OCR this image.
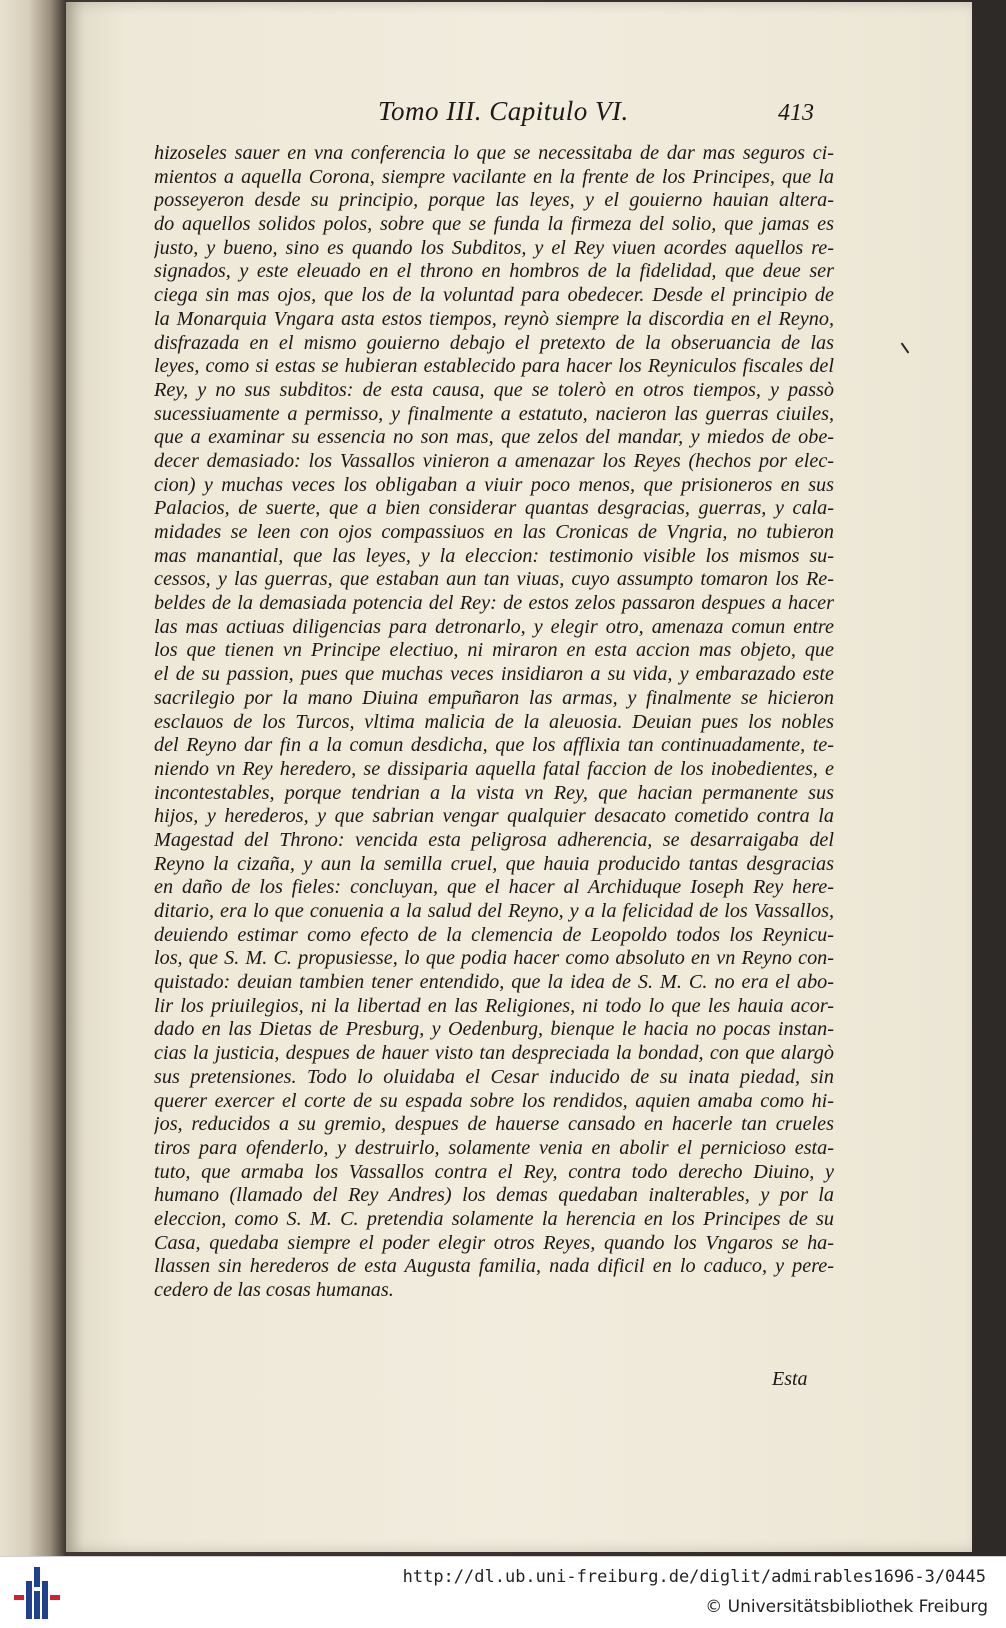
Tomo III. Capitulo VI.	413
hizoseles sauer en vna conferencia lo que se necessitaba de dar mas seguros ci-
mientos a aquella Corona, siempre vacilante en la frente de los Principes, que la
posseyeron desde su principio, porque las leyes, y el gouierno hauian alterа-
do aquellos solidos polos, sobre que se funda la firmeza del solio, que jamas es
justo, y bueno, sino es quando los Subditos, y el Rey viuen acordes aquellos re-
signados, y este eleuado en el throno en hombros de la fidelidad, que deue ser
ciega sin mas ojos, que los de la voluntad para obedecer. Desde el principio de
la Monarquia Vngara asta estos tiempos, reynò siempre la discordia en el Reyno,
disfrazada en el mismo gouierno debajo el pretexto de la obseruancia de las
leyes, como si estas se hubieran establecido para hacer los Reyniculos fiscales del
Rey, y no sus subditos: de esta causa, que se tolerò en otros tiempos, y passò
sucessiuamente a permisso, y finalmente a estatuto, nacieron las guerras ciuiles,
que a examinar su essencia no son mas, que zelos del mandar, y miedos de obe-
decer demasiado: los Vassallos vinieron a amenazar los Reyes (hechos por elec-
cion) y muchas veces los obligaban a viuir poco menos, que prisioneros en sus
Palacios, de suerte, que a bien considerar quantas desgracias, guerras, y cala-
midades se leen con ojos compassiuos en las Cronicas de Vngria, no tubieron
mas manantial, que las leyes, y la eleccion: testimonio visible los mismos su-
cessos, y las guerras, que estaban aun tan viuas, cuyo assumpto tomaron los Re-
beldes de la demasiada potencia del Rey: de estos zelos passaron despues a hacer
las mas actiuas diligencias para detronarlo, y elegir otro, amenaza comun entre
los que tienen vn Principe electiuo, ni miraron en esta accion mas objeto, que
el de su passion, pues que muchas veces insidiaron a su vida, y embarazado este
sacrilegio por la mano Diuina empuñaron las armas, y finalmente se hicieron
esclauos de los Turcos, vltima malicia de la aleuosia. Deuian pues los nobles
del Reyno dar fin a la comun desdicha, que los afflixia tan continuadamente, te-
niendo vn Rey heredero, se dissiparia aquella fatal faccion de los inobedientes, e
incontestables, porque tendrian a la vista vn Rey, que hacian permanente sus
hijos, y herederos, y que sabrian vengar qualquier desacato cometido contra la
Magestad del Throno: vencida esta peligrosa adherencia, se desarraigaba del
Reyno la cizaña, y aun la semilla cruel, que hauia producido tantas desgracias
en daño de los fieles: concluyan, que el hacer al Archiduque Ioseph Rey here-
ditario, era lo que conuenia a la salud del Reyno, y a la felicidad de los Vassallos,
deuiendo estimar como efecto de la clemencia de Leopoldo todos los Reynicu-
los, que S. M. C. propusiesse, lo que podia hacer como absoluto en vn Reyno con-
quistado: deuian tambien tener entendido, que la idea de S. M. C. no era el abo-
lir los priuilegios, ni la libertad en las Religiones, ni todo lo que les hauia acor-
dado en las Dietas de Presburg, y Oedenburg, bienque le hacia no pocas instan-
cias la justicia, despues de hauer visto tan despreciada la bondad, con que alargò
sus pretensiones. Todo lo oluidaba el Cesar inducido de su inata piedad, sin
querer exercer el corte de su espada sobre los rendidos, aquien amaba como hi-
jos, reducidos a su gremio, despues de hauerse cansado en hacerle tan crueles
tiros para ofenderlo, y destruirlo, solamente venia en abolir el pernicioso esta-
tuto, que armaba los Vassallos contra el Rey, contra todo derecho Diuino, y
humano (llamado del Rey Andres) los demas quedaban inalterables, y por la
eleccion, como S. M. C. pretendia solamente la herencia en los Principes de su
Casa, quedaba siempre el poder elegir otros Reyes, quando los Vngaros se ha-
llassen sin herederos de esta Augusta familia, nada dificil en lo caduco, y pere-
cedero de las cosas humanas.
Esta
http://dl.ub.uni-freiburg.de/diglit/admirables1696-3/0445
© Universitätsbibliothek Freiburg
